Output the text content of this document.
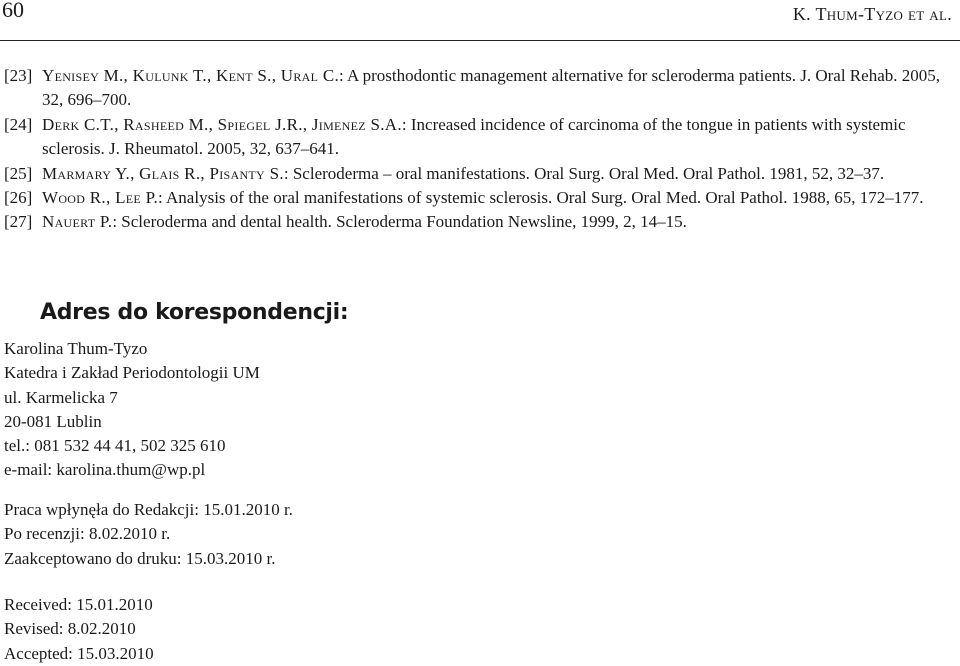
60	K. Thum-Tyzo et al.
[23] Yenisey M., Kulunk T., Kent S., Ural C.: A prosthodontic management alternative for scleroderma patients. J. Oral Rehab. 2005, 32, 696–700.
[24] Derk C.T., Rasheed M., Spiegel J.R., Jimenez S.A.: Increased incidence of carcinoma of the tongue in patients with systemic sclerosis. J. Rheumatol. 2005, 32, 637–641.
[25] Marmary Y., Glais R., Pisanty S.: Scleroderma – oral manifestations. Oral Surg. Oral Med. Oral Pathol. 1981, 52, 32–37.
[26] Wood R., Lee P.: Analysis of the oral manifestations of systemic sclerosis. Oral Surg. Oral Med. Oral Pathol. 1988, 65, 172–177.
[27] Nauert P.: Scleroderma and dental health. Scleroderma Foundation Newsline, 1999, 2, 14–15.
Adres do korespondencji:
Karolina Thum-Tyzo
Katedra i Zakład Periodontologii UM
ul. Karmelicka 7
20-081 Lublin
tel.: 081 532 44 41, 502 325 610
e-mail: karolina.thum@wp.pl
Praca wpłynęła do Redakcji: 15.01.2010 r.
Po recenzji: 8.02.2010 r.
Zaakceptowano do druku: 15.03.2010 r.
Received: 15.01.2010
Revised: 8.02.2010
Accepted: 15.03.2010
